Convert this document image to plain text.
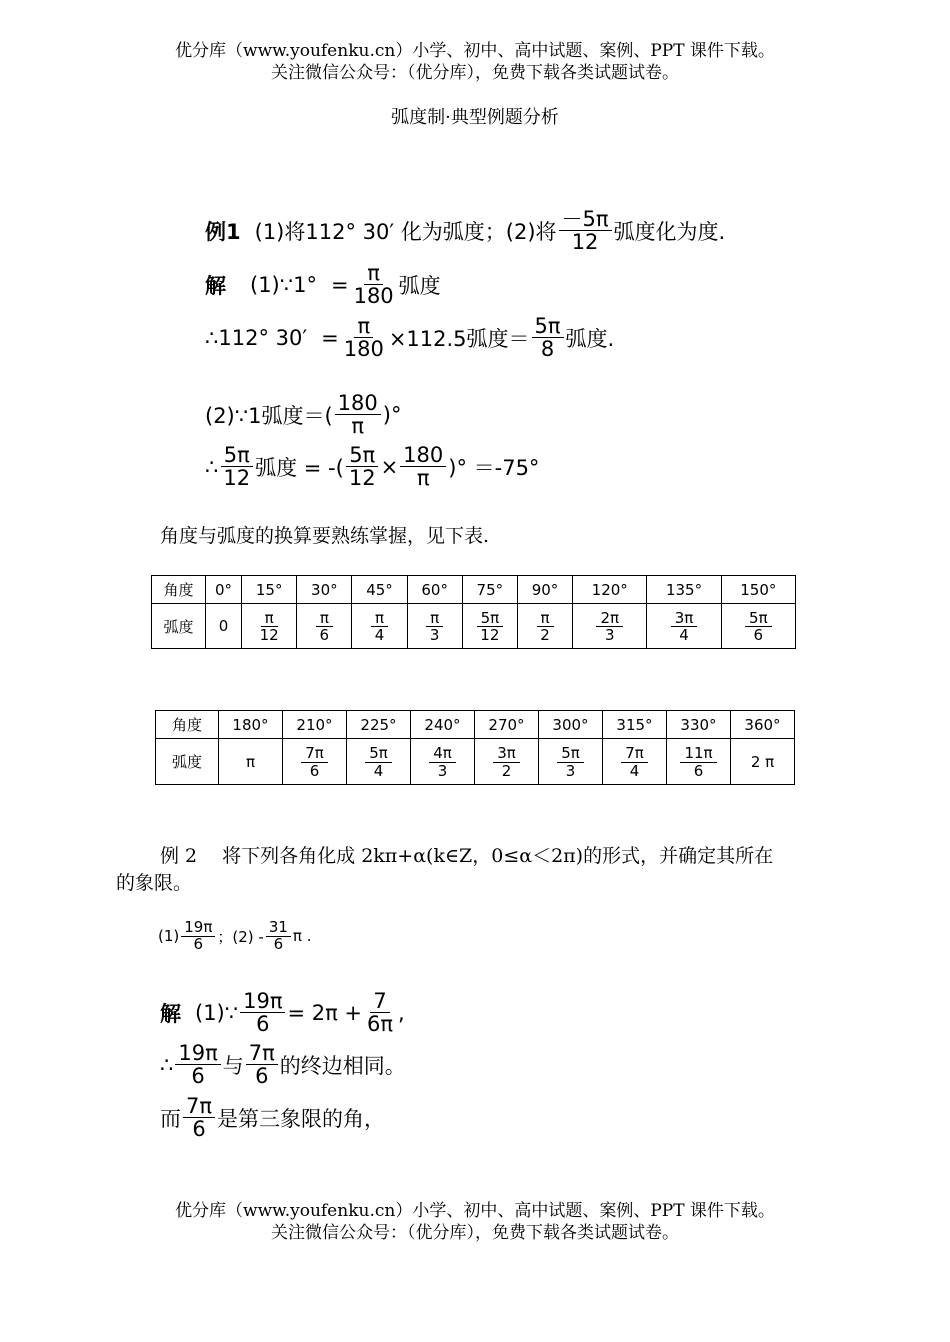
优分库（www.youfenku.cn）小学、初中、高中试题、案例、PPT 课件下载。
关注微信公众号：（优分库），免费下载各类试题试卷。
弧度制·典型例题分析
例1 (1)将112° 30′ 化为弧度； (2)将 $\frac{-5\pi}{12}$ 弧度化为度.
解 (1)∵1° = $\frac{\pi}{180}$ 弧度
∴112° $30' = \frac{\pi}{180} \times 112.5$弧度＝ $\frac{5\pi}{8}$ 弧度.
(2)∵1弧度＝( $\frac{180}{\pi}$ )°
∴ $\frac{5\pi}{12}$ 弧度 = -( $\frac{5\pi}{12} \times \frac{180}{\pi}$ )° ＝-75°
角度与弧度的换算要熟练掌握，见下表.
角度	0°	15°	30°	45°	60°	75°	90°	120°	135°	150°
弧度	0	$\frac{\pi}{12}$	$\frac{\pi}{6}$	$\frac{\pi}{4}$	$\frac{\pi}{3}$	$\frac{5\pi}{12}$	$\frac{\pi}{2}$	$\frac{2\pi}{3}$	$\frac{3\pi}{4}$	$\frac{5\pi}{6}$
角度	180°	210°	225°	240°	270°	300°	315°	330°	360°
弧度	π	$\frac{7\pi}{6}$	$\frac{5\pi}{4}$	$\frac{4\pi}{3}$	$\frac{3\pi}{2}$	$\frac{5\pi}{3}$	$\frac{7\pi}{4}$	$\frac{11\pi}{6}$	2 π
例 2　 将下列各角化成 2kπ+α(k∈Z，0≤α＜2π)的形式，并确定其所在
的象限。
$(1) \frac{19\pi}{6}$ ；$(2) - \frac{31}{6}$ π .
解 (1)∵ $\frac{19\pi}{6} = 2\pi + \frac{7}{6\pi}$ ,
∴ $\frac{19\pi}{6}$ 与 $\frac{7\pi}{6}$ 的终边相同。
而 $\frac{7\pi}{6}$ 是第三象限的角，
优分库（www.youfenku.cn）小学、初中、高中试题、案例、PPT 课件下载。
关注微信公众号：（优分库），免费下载各类试题试卷。
